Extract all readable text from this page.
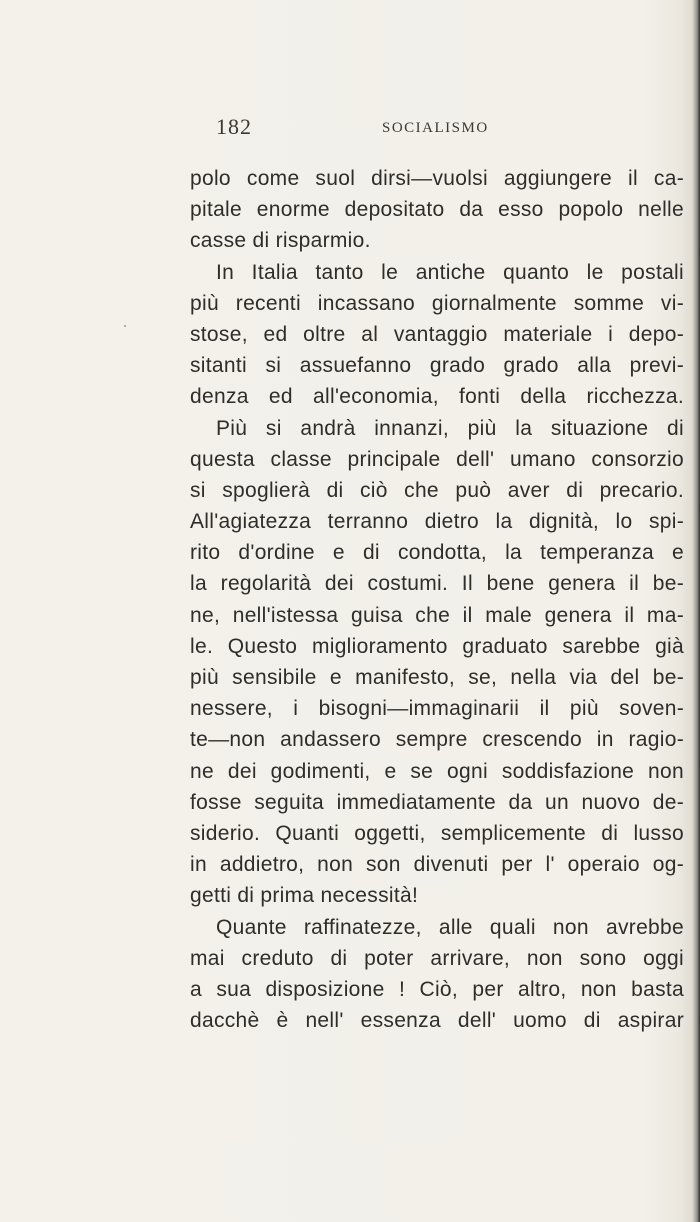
182	SOCIALISMO
polo come suol dirsi—vuolsi aggiungere il ca-
pitale enorme depositato da esso popolo nelle
casse di risparmio.
In Italia tanto le antiche quanto le postali
più recenti incassano giornalmente somme vi-
stose, ed oltre al vantaggio materiale i depo-
sitanti si assuefanno grado grado alla previ-
denza ed all'economia, fonti della ricchezza.
Più si andrà innanzi, più la situazione di
questa classe principale dell' umano consorzio
si spoglierà di ciò che può aver di precario.
All'agiatezza terranno dietro la dignità, lo spi-
rito d'ordine e di condotta, la temperanza e
la regolarità dei costumi. Il bene genera il be-
ne, nell'istessa guisa che il male genera il ma-
le. Questo miglioramento graduato sarebbe già
più sensibile e manifesto, se, nella via del be-
nessere, i bisogni—immaginarii il più soven-
te—non andassero sempre crescendo in ragio-
ne dei godimenti, e se ogni soddisfazione non
fosse seguita immediatamente da un nuovo de-
siderio. Quanti oggetti, semplicemente di lusso
in addietro, non son divenuti per l' operaio og-
getti di prima necessità!
Quante raffinatezze, alle quali non avrebbe
mai creduto di poter arrivare, non sono oggi
a sua disposizione ! Ciò, per altro, non basta
dacchè è nell' essenza dell' uomo di aspirar
